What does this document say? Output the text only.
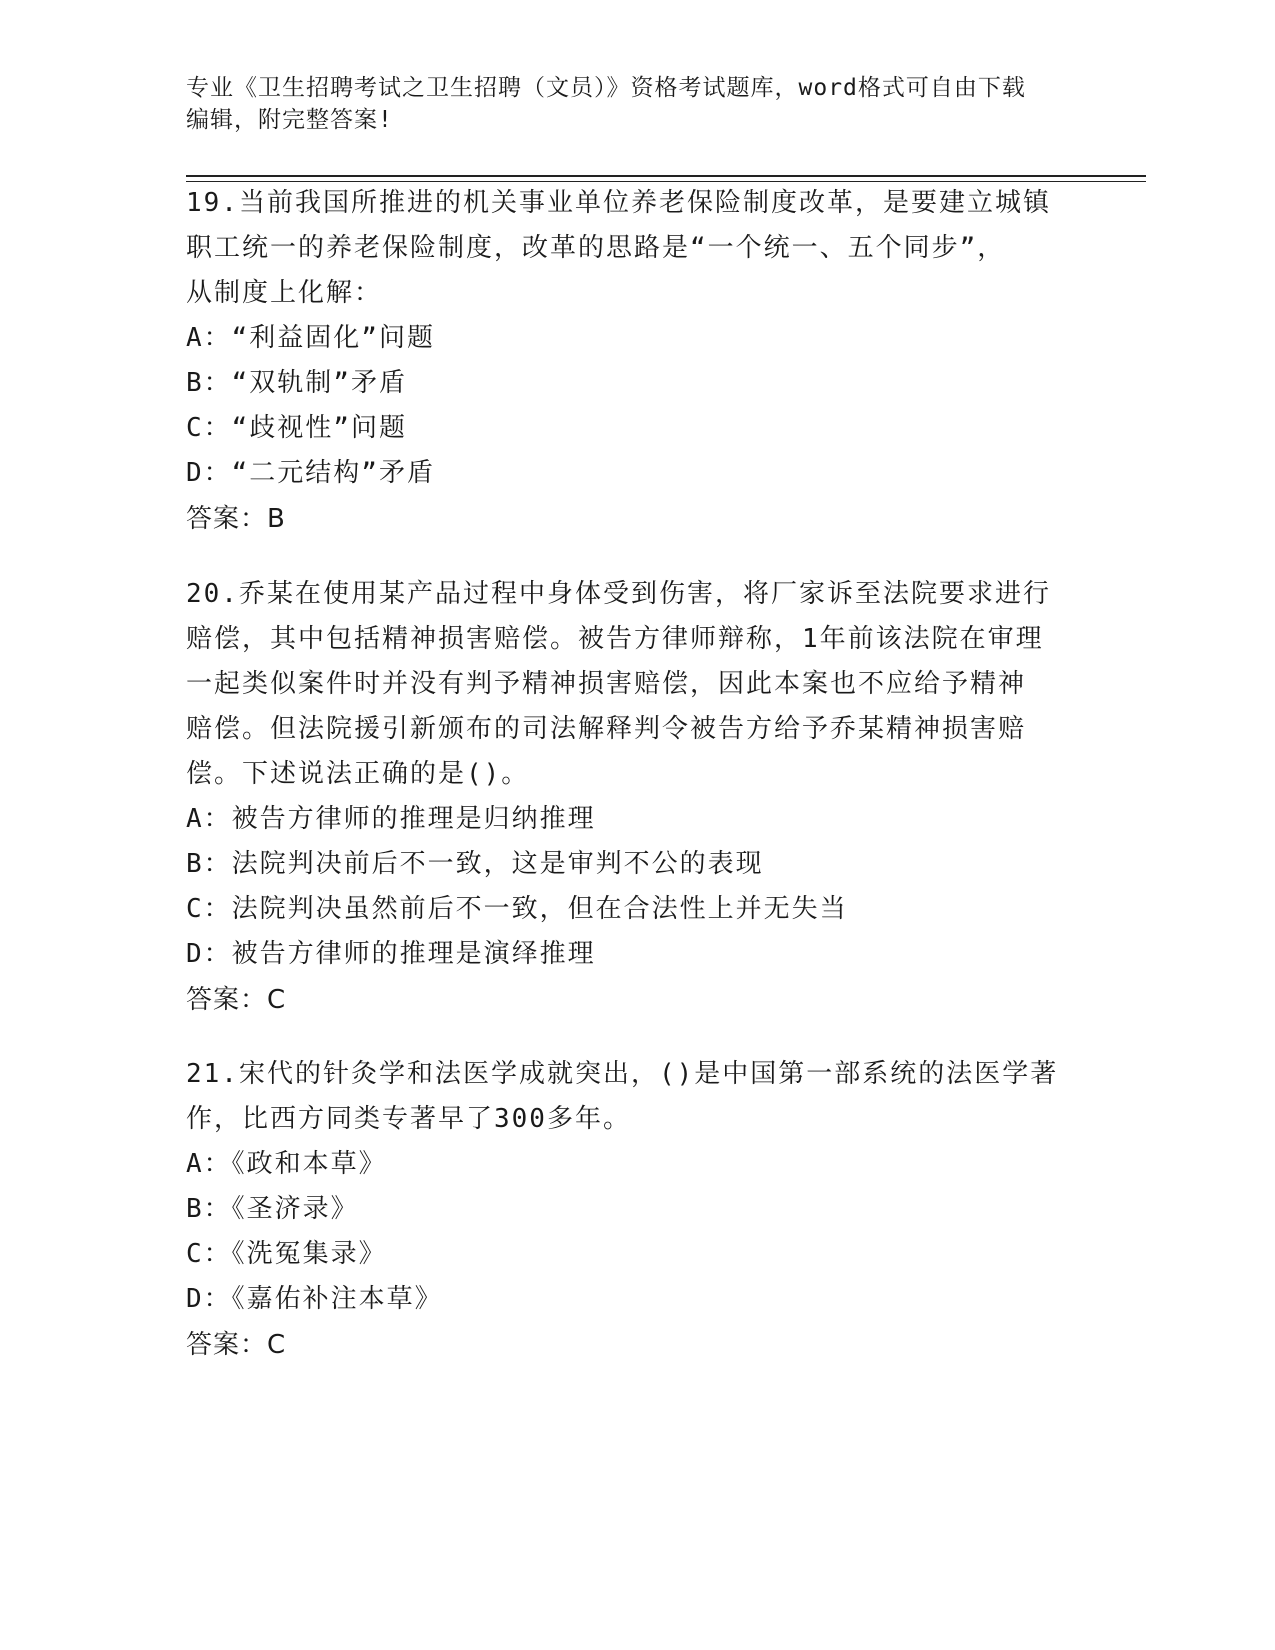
专业《卫生招聘考试之卫生招聘（文员）》资格考试题库，word格式可自由下载
编辑，附完整答案!
19.当前我国所推进的机关事业单位养老保险制度改革，是要建立城镇
职工统一的养老保险制度，改革的思路是“一个统一、五个同步”，
从制度上化解：
A：“利益固化”问题
B：“双轨制”矛盾
C：“歧视性”问题
D：“二元结构”矛盾
答案：B
20.乔某在使用某产品过程中身体受到伤害，将厂家诉至法院要求进行
赔偿，其中包括精神损害赔偿。被告方律师辩称，1年前该法院在审理
一起类似案件时并没有判予精神损害赔偿，因此本案也不应给予精神
赔偿。但法院援引新颁布的司法解释判令被告方给予乔某精神损害赔
偿。下述说法正确的是()。
A：被告方律师的推理是归纳推理
B：法院判决前后不一致，这是审判不公的表现
C：法院判决虽然前后不一致，但在合法性上并无失当
D：被告方律师的推理是演绎推理
答案：C
21.宋代的针灸学和法医学成就突出，()是中国第一部系统的法医学著
作，比西方同类专著早了300多年。
A：《政和本草》
B：《圣济录》
C：《洗冤集录》
D：《嘉佑补注本草》
答案：C
